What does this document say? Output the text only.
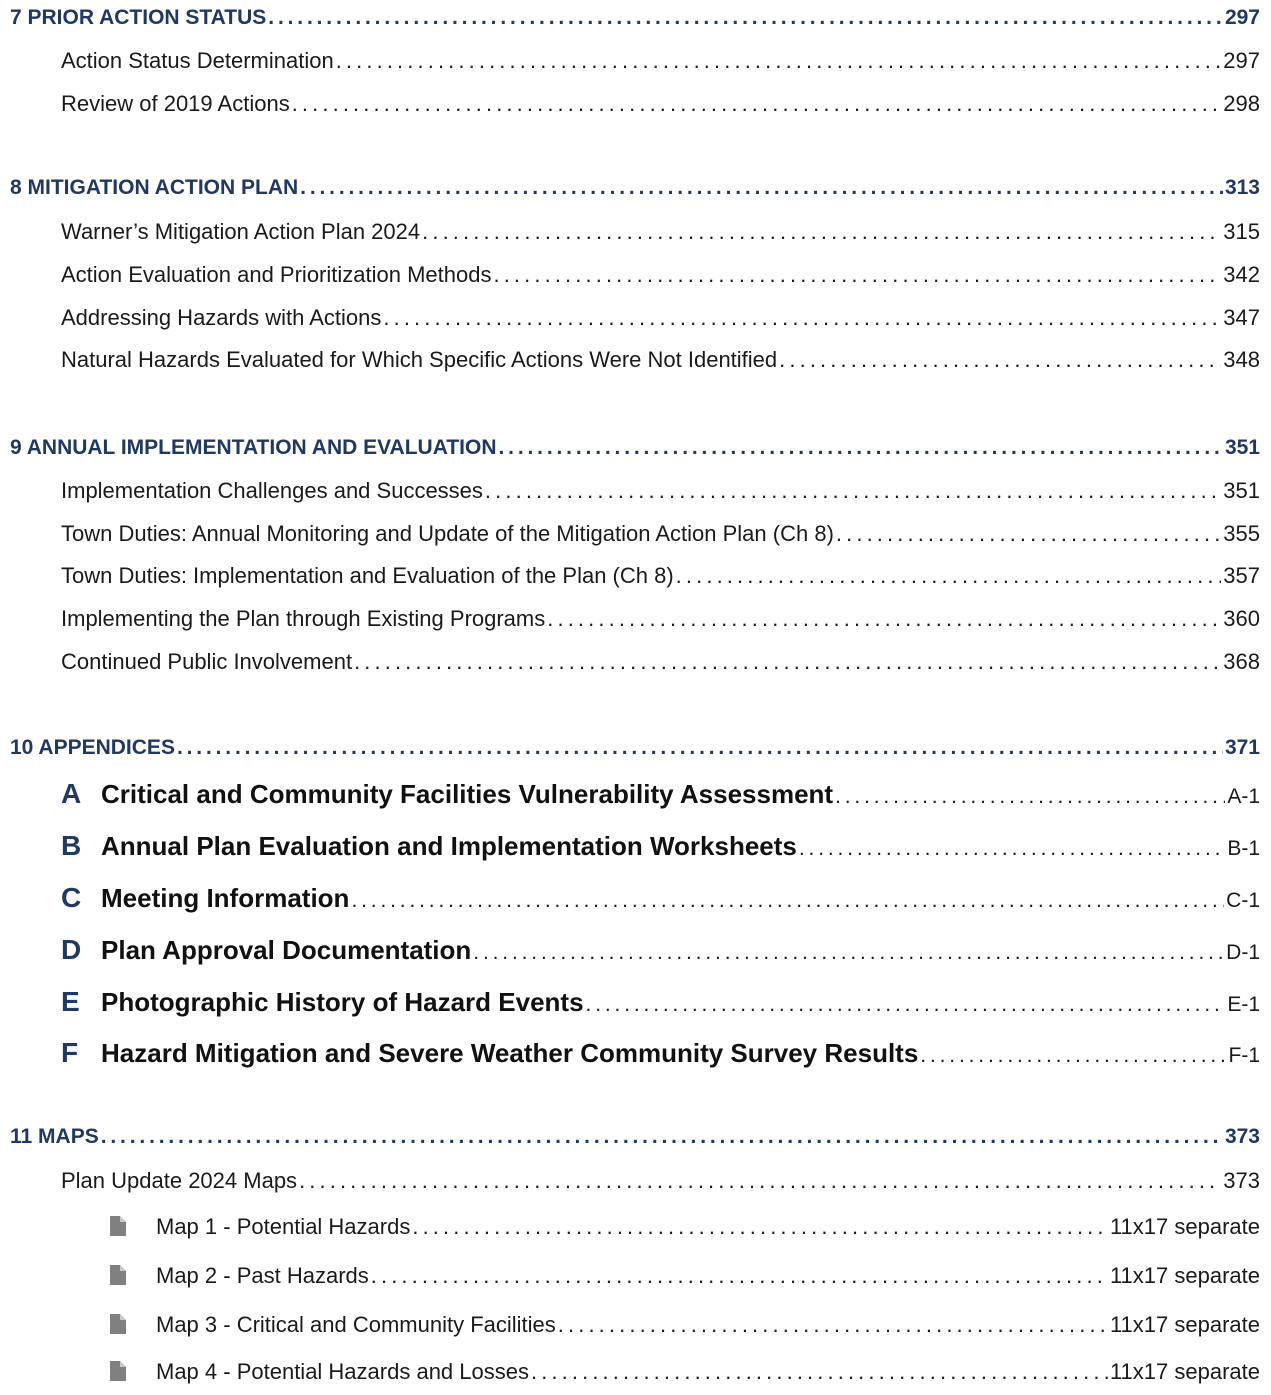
7 PRIOR ACTION STATUS . . .	297
Action Status Determination . . .	297
Review of 2019 Actions . . .	298
8 MITIGATION ACTION PLAN . . .	313
Warner’s Mitigation Action Plan 2024 . . .	315
Action Evaluation and Prioritization Methods . . .	342
Addressing Hazards with Actions . . .	347
Natural Hazards Evaluated for Which Specific Actions Were Not Identified . . .	348
9 ANNUAL IMPLEMENTATION AND EVALUATION . . .	351
Implementation Challenges and Successes . . .	351
Town Duties: Annual Monitoring and Update of the Mitigation Action Plan (Ch 8) . . .	355
Town Duties: Implementation and Evaluation of the Plan (Ch 8) . . .	357
Implementing the Plan through Existing Programs . . .	360
Continued Public Involvement . . .	368
10 APPENDICES . . .	371
A Critical and Community Facilities Vulnerability Assessment . . .	A-1
B Annual Plan Evaluation and Implementation Worksheets . . .	B-1
C Meeting Information . . .	C-1
D Plan Approval Documentation . . .	D-1
E Photographic History of Hazard Events . . .	E-1
F Hazard Mitigation and Severe Weather Community Survey Results . . .	F-1
11 MAPS . . .	373
Plan Update 2024 Maps . . .	373
Map 1 - Potential Hazards . . .	11x17 separate
Map 2 - Past Hazards . . .	11x17 separate
Map 3 - Critical and Community Facilities . . .	11x17 separate
Map 4 - Potential Hazards and Losses . . .	11x17 separate
